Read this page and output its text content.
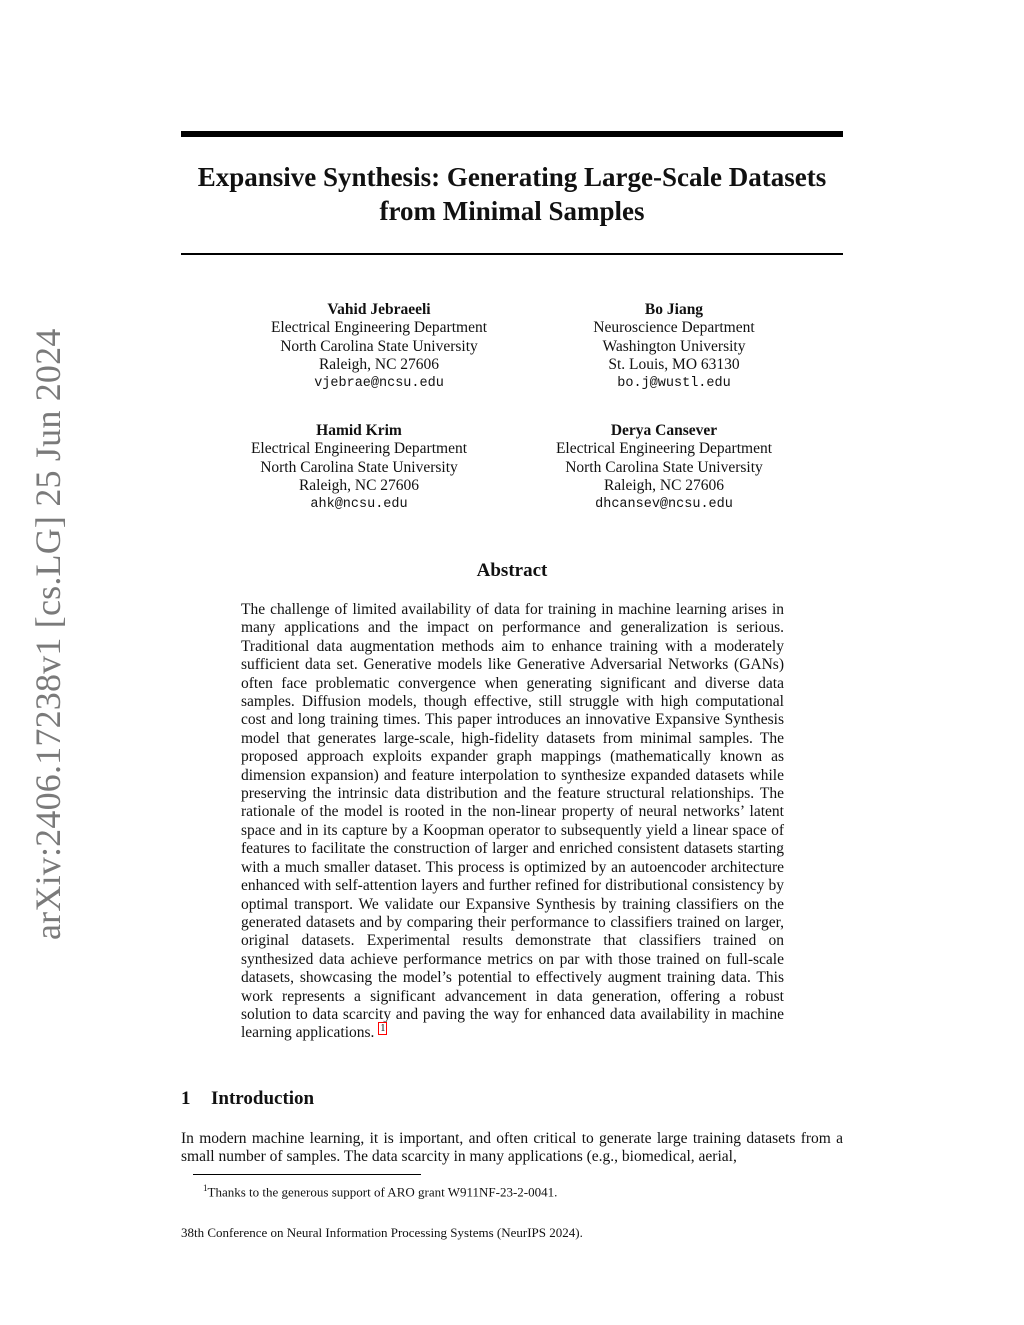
arXiv:2406.17238v1 [cs.LG] 25 Jun 2024
Expansive Synthesis: Generating Large-Scale Datasets
from Minimal Samples
Vahid Jebraeeli
Electrical Engineering Department
North Carolina State University
Raleigh, NC 27606
vjebrae@ncsu.edu
Bo Jiang
Neuroscience Department
Washington University
St. Louis, MO 63130
bo.j@wustl.edu
Hamid Krim
Electrical Engineering Department
North Carolina State University
Raleigh, NC 27606
ahk@ncsu.edu
Derya Cansever
Electrical Engineering Department
North Carolina State University
Raleigh, NC 27606
dhcansev@ncsu.edu
Abstract

The challenge of limited availability of data for training in machine learning arises in many applications and the impact on performance and generalization is serious. Traditional data augmentation methods aim to enhance training with a moderately sufficient data set. Generative models like Generative Adversarial Networks (GANs) often face problematic convergence when generating significant and diverse data samples. Diffusion models, though effective, still struggle with high computational cost and long training times. This paper introduces an innovative Expansive Synthesis model that generates large-scale, high-fidelity datasets from minimal samples. The proposed approach exploits expander graph mappings (mathematically known as dimension expansion) and feature interpolation to synthesize expanded datasets while preserving the intrinsic data distribution and the feature structural relationships. The rationale of the model is rooted in the non-linear property of neural networks’ latent space and in its capture by a Koopman operator to subsequently yield a linear space of features to facilitate the construction of larger and enriched consistent datasets starting with a much smaller dataset. This process is optimized by an autoencoder architecture enhanced with self-attention layers and further refined for distributional consistency by optimal transport. We validate our Expansive Synthesis by training classifiers on the generated datasets and by comparing their performance to classifiers trained on larger, original datasets. Experimental results demonstrate that classifiers trained on synthesized data achieve performance metrics on par with those trained on full-scale datasets, showcasing the model’s potential to effectively augment training data. This work represents a significant advancement in data generation, offering a robust solution to data scarcity and paving the way for enhanced data availability in machine learning applications. $^1$

1 Introduction

In modern machine learning, it is important, and often critical to generate large training datasets from a small number of samples. The data scarcity in many applications (e.g., biomedical, aerial,

$^1$Thanks to the generous support of ARO grant W911NF-23-2-0041.

38th Conference on Neural Information Processing Systems (NeurIPS 2024).
